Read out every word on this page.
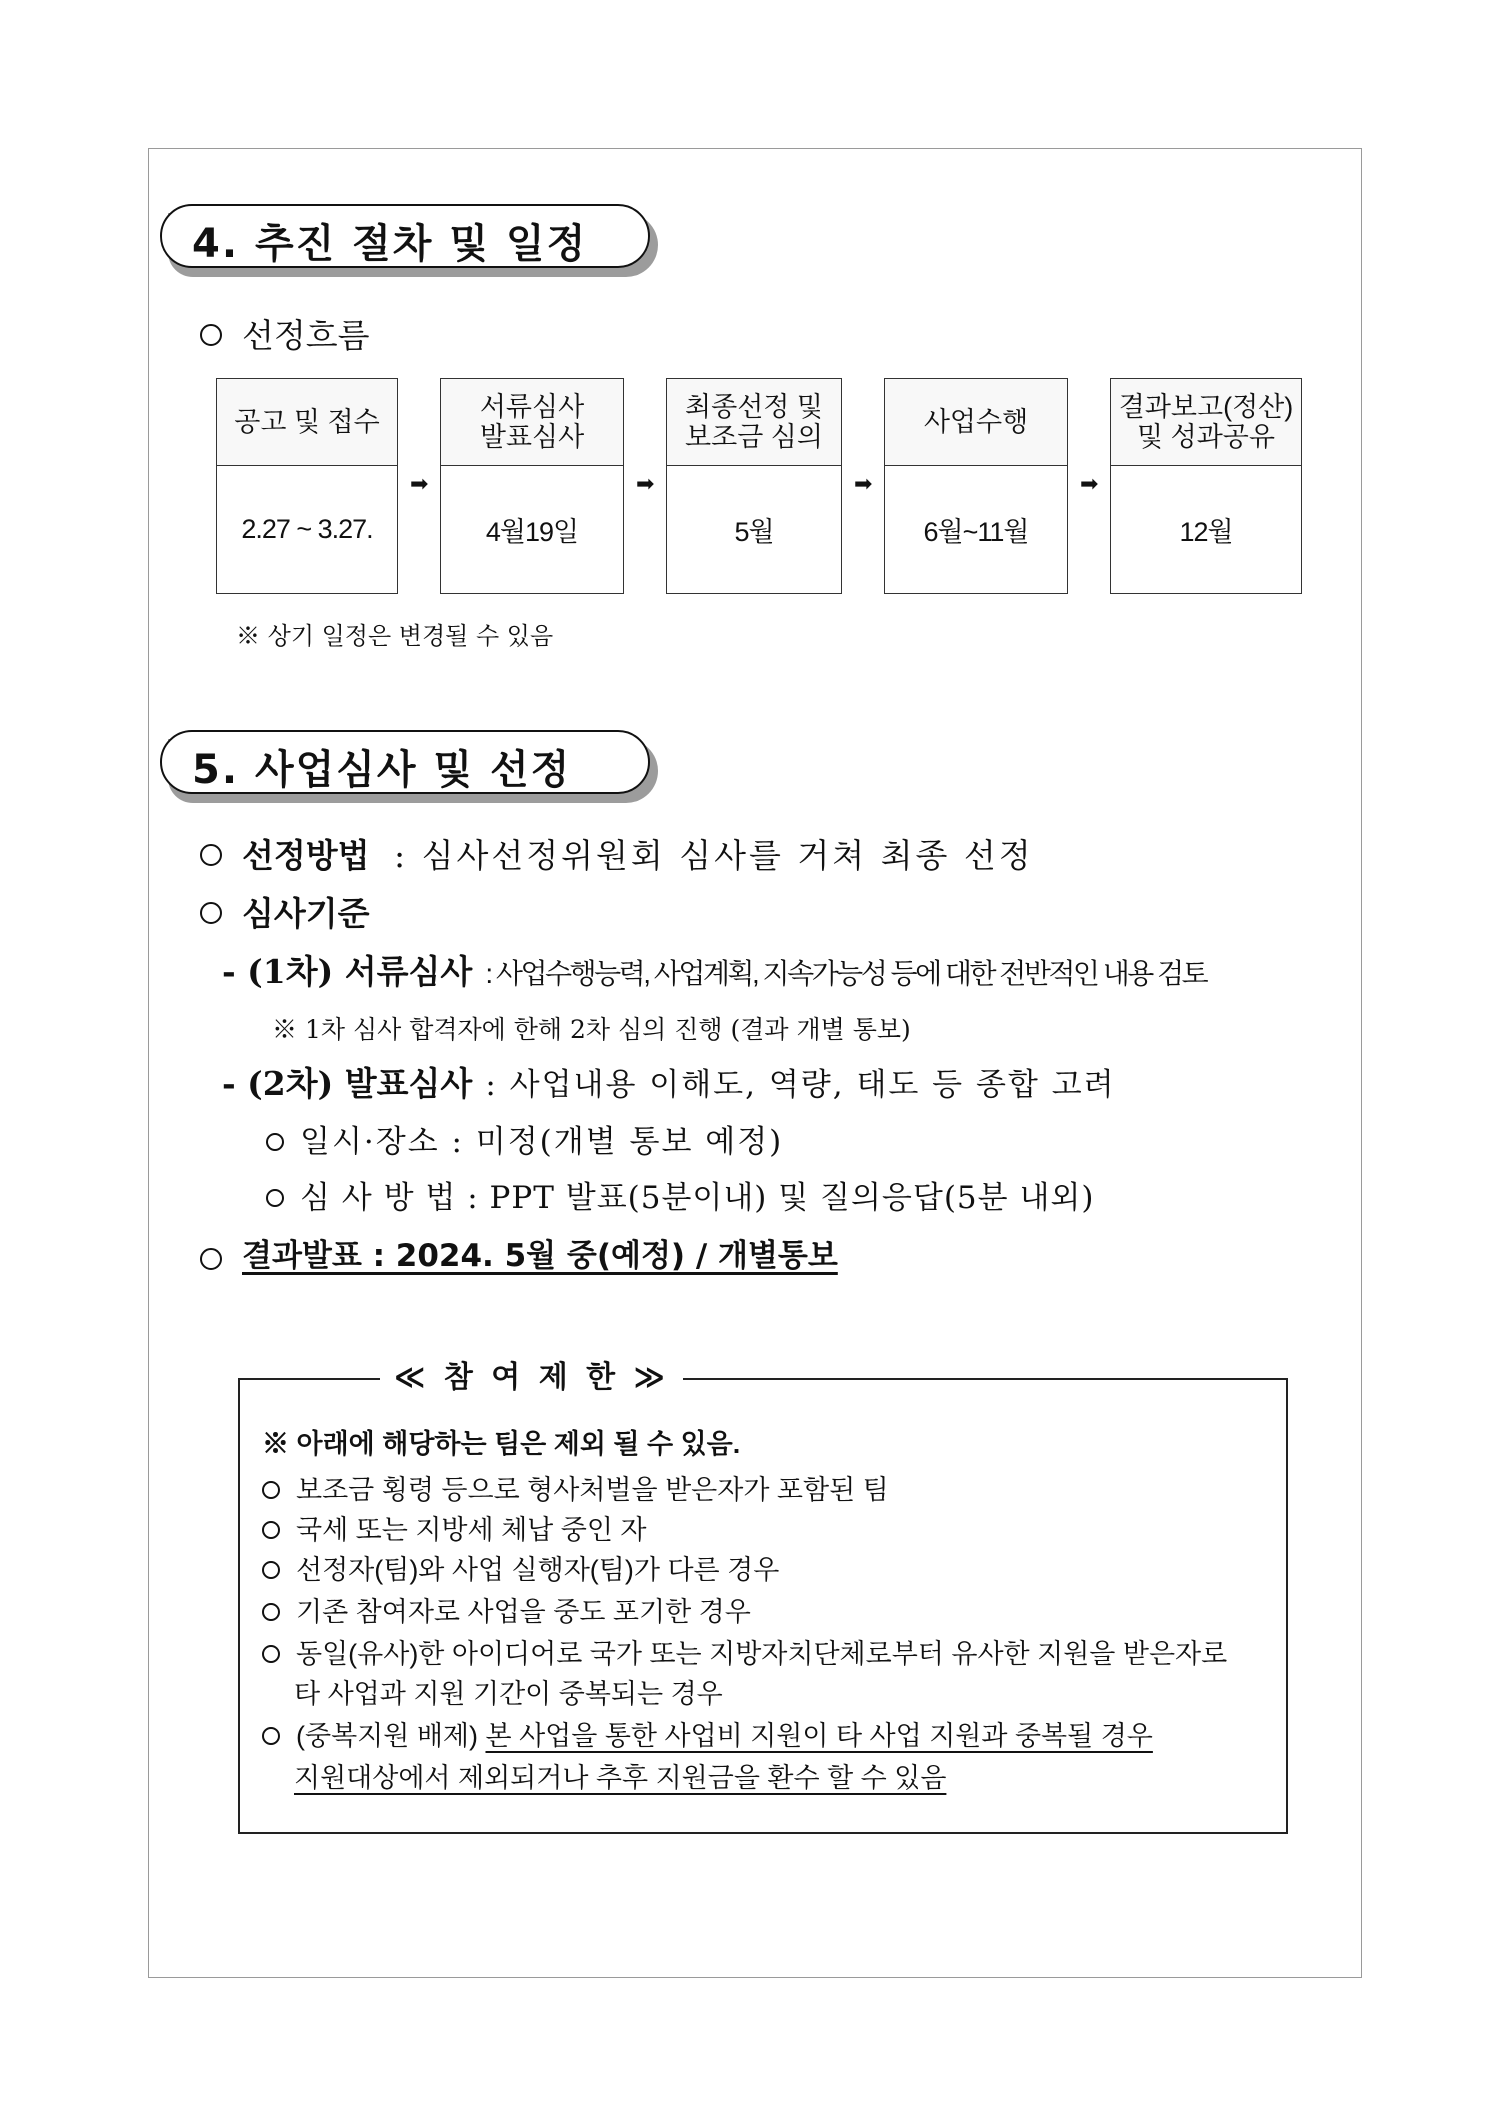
4. 추진 절차 및 일정
선정흐름
공고 및 접수
2.27 ~ 3.27.
➡
서류심사
발표심사
4월19일
➡
최종선정 및
보조금 심의
5월
➡
사업수행
6월~11월
➡
결과보고(정산)
및 성과공유
12월
※ 상기 일정은 변경될 수 있음
5. 사업심사 및 선정
선정방법 : 심사선정위원회 심사를 거쳐 최종 선정
심사기준
- (1차) 서류심사 : 사업수행능력, 사업계획, 지속가능성 등에 대한 전반적인 내용 검토
※ 1차 심사 합격자에 한해 2차 심의 진행 (결과 개별 통보)
- (2차) 발표심사 : 사업내용 이해도, 역량, 태도 등 종합 고려
일시·장소 : 미정(개별 통보 예정)
심 사 방 법 : PPT 발표(5분이내) 및 질의응답(5분 내외)
결과발표 : 2024. 5월 중(예정) / 개별통보
≪ 참 여 제 한 ≫
※ 아래에 해당하는 팀은 제외 될 수 있음.
보조금 횡령 등으로 형사처벌을 받은자가 포함된 팀
국세 또는 지방세 체납 중인 자
선정자(팀)와 사업 실행자(팀)가 다른 경우
기존 참여자로 사업을 중도 포기한 경우
동일(유사)한 아이디어로 국가 또는 지방자치단체로부터 유사한 지원을 받은자로
타 사업과 지원 기간이 중복되는 경우
(중복지원 배제) 본 사업을 통한 사업비 지원이 타 사업 지원과 중복될 경우
지원대상에서 제외되거나 추후 지원금을 환수 할 수 있음
